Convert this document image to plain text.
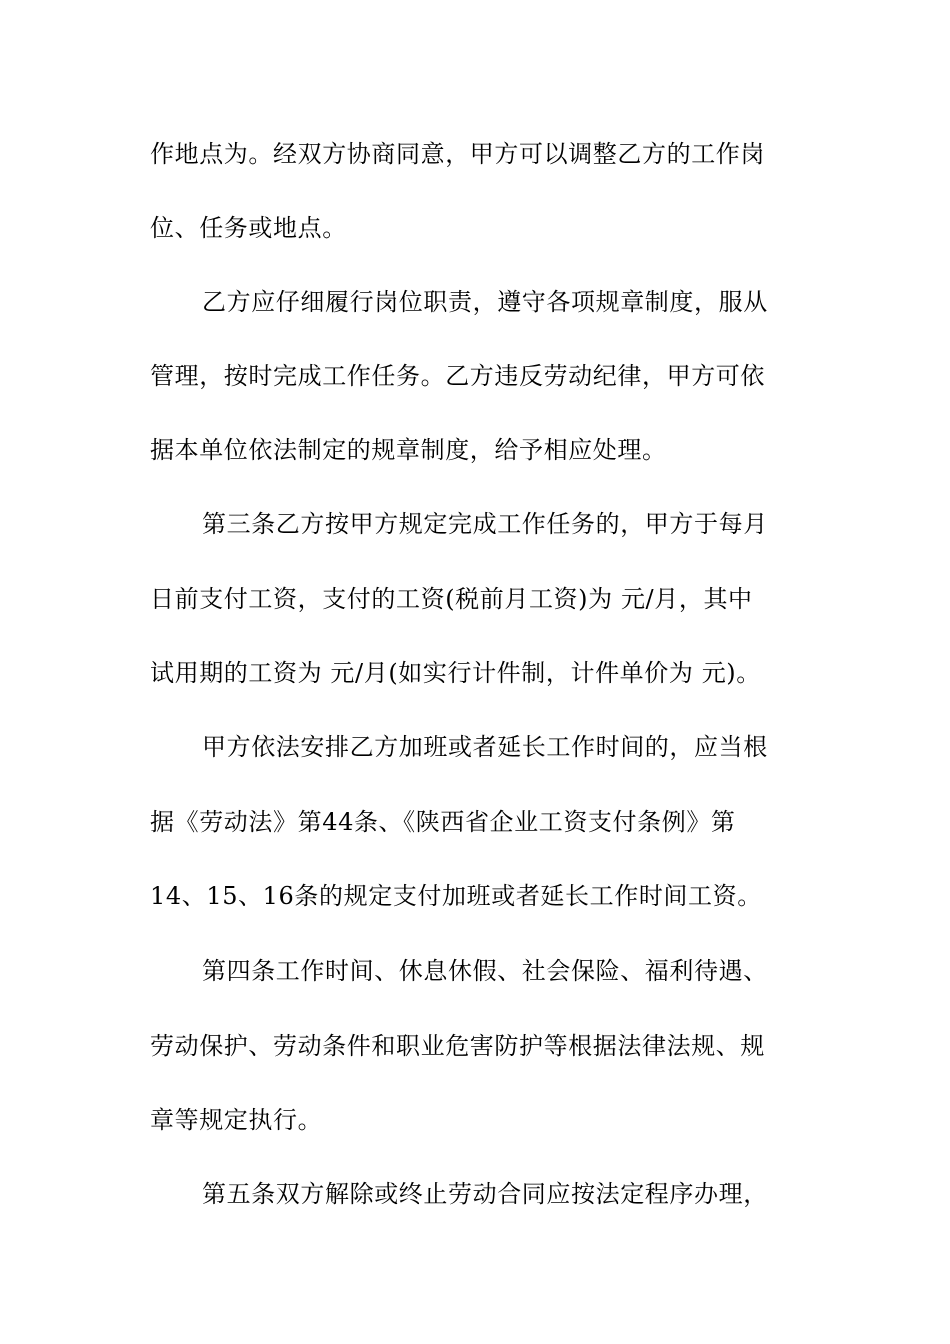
作地点为。经双方协商同意，甲方可以调整乙方的工作岗
位、任务或地点。
乙方应仔细履行岗位职责，遵守各项规章制度，服从
管理，按时完成工作任务。乙方违反劳动纪律，甲方可依
据本单位依法制定的规章制度，给予相应处理。
第三条乙方按甲方规定完成工作任务的，甲方于每月
日前支付工资，支付的工资(税前月工资)为 元/月，其中
试用期的工资为 元/月(如实行计件制，计件单价为 元)。
甲方依法安排乙方加班或者延长工作时间的，应当根
据《劳动法》第44条、《陕西省企业工资支付条例》第
14、15、16条的规定支付加班或者延长工作时间工资。
第四条工作时间、休息休假、社会保险、福利待遇、
劳动保护、劳动条件和职业危害防护等根据法律法规、规
章等规定执行。
第五条双方解除或终止劳动合同应按法定程序办理，
